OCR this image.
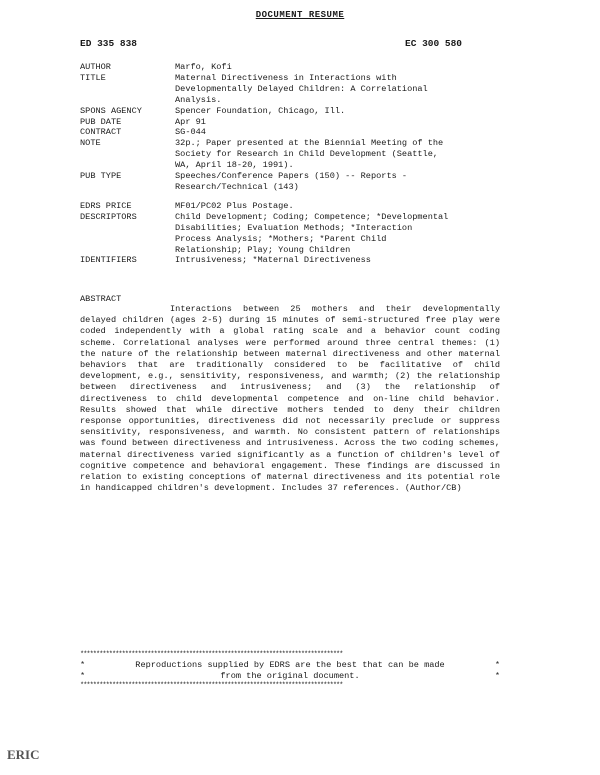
DOCUMENT RESUME
ED 335 838	EC 300 580
AUTHOR	Marfo, Kofi
TITLE	Maternal Directiveness in Interactions with
Developmentally Delayed Children: A Correlational
Analysis.
SPONS AGENCY	Spencer Foundation, Chicago, Ill.
PUB DATE	Apr 91
CONTRACT	SG-044
NOTE	32p.; Paper presented at the Biennial Meeting of the
Society for Research in Child Development (Seattle,
WA, April 18-20, 1991).
PUB TYPE	Speeches/Conference Papers (150) -- Reports -
Research/Technical (143)
EDRS PRICE	MF01/PC02 Plus Postage.
DESCRIPTORS	Child Development; Coding; Competence; *Developmental
Disabilities; Evaluation Methods; *Interaction
Process Analysis; *Mothers; *Parent Child
Relationship; Play; Young Children
IDENTIFIERS	Intrusiveness; *Maternal Directiveness
ABSTRACT
Interactions between 25 mothers and their developmentally delayed children (ages 2-5) during 15 minutes of semi-structured free play were coded independently with a global rating scale and a behavior count coding scheme. Correlational analyses were performed around three central themes: (1) the nature of the relationship between maternal directiveness and other maternal behaviors that are traditionally considered to be facilitative of child development, e.g., sensitivity, responsiveness, and warmth; (2) the relationship between directiveness and intrusiveness; and (3) the relationship of directiveness to child developmental competence and on-line child behavior. Results showed that while directive mothers tended to deny their children response opportunities, directiveness did not necessarily preclude or suppress sensitivity, responsiveness, and warmth. No consistent pattern of relationships was found between directiveness and intrusiveness. Across the two coding schemes, maternal directiveness varied significantly as a function of children's level of cognitive competence and behavioral engagement. These findings are discussed in relation to existing conceptions of maternal directiveness and its potential role in handicapped children's development. Includes 37 references. (Author/CB)
**********************************************************************************
*	Reproductions supplied by EDRS are the best that can be made	*
*	from the original document.	*
**********************************************************************************
ERIC
